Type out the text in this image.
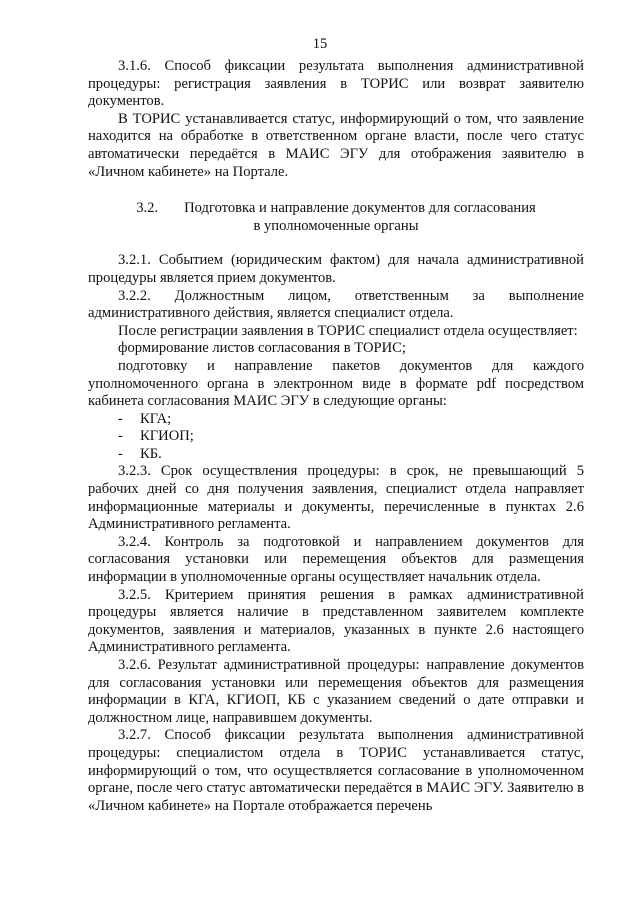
15

3.1.6. Способ фиксации результата выполнения административной процедуры: регистрация заявления в ТОРИС или возврат заявителю документов.

В ТОРИС устанавливается статус, информирующий о том, что заявление находится на обработке в ответственном органе власти, после чего статус автоматически передаётся в МАИС ЭГУ для отображения заявителю в «Личном кабинете» на Портале.

3.2. Подготовка и направление документов для согласования
в уполномоченные органы

3.2.1. Событием (юридическим фактом) для начала административной процедуры является прием документов.

3.2.2. Должностным лицом, ответственным за выполнение административного действия, является специалист отдела.

После регистрации заявления в ТОРИС специалист отдела осуществляет:

формирование листов согласования в ТОРИС;

подготовку и направление пакетов документов для каждого уполномоченного органа в электронном виде в формате pdf посредством кабинета согласования МАИС ЭГУ в следующие органы:

- КГА;
- КГИОП;
- КБ.

3.2.3. Срок осуществления процедуры: в срок, не превышающий 5 рабочих дней со дня получения заявления, специалист отдела направляет информационные материалы и документы, перечисленные в пунктах 2.6 Административного регламента.

3.2.4. Контроль за подготовкой и направлением документов для согласования установки или перемещения объектов для размещения информации в уполномоченные органы осуществляет начальник отдела.

3.2.5. Критерием принятия решения в рамках административной процедуры является наличие в представленном заявителем комплекте документов, заявления и материалов, указанных в пункте 2.6 настоящего Административного регламента.

3.2.6. Результат административной процедуры: направление документов для согласования установки или перемещения объектов для размещения информации в КГА, КГИОП, КБ с указанием сведений о дате отправки и должностном лице, направившем документы.

3.2.7. Способ фиксации результата выполнения административной процедуры: специалистом отдела в ТОРИС устанавливается статус, информирующий о том, что осуществляется согласование в уполномоченном органе, после чего статус автоматически передаётся в МАИС ЭГУ. Заявителю в «Личном кабинете» на Портале отображается перечень
